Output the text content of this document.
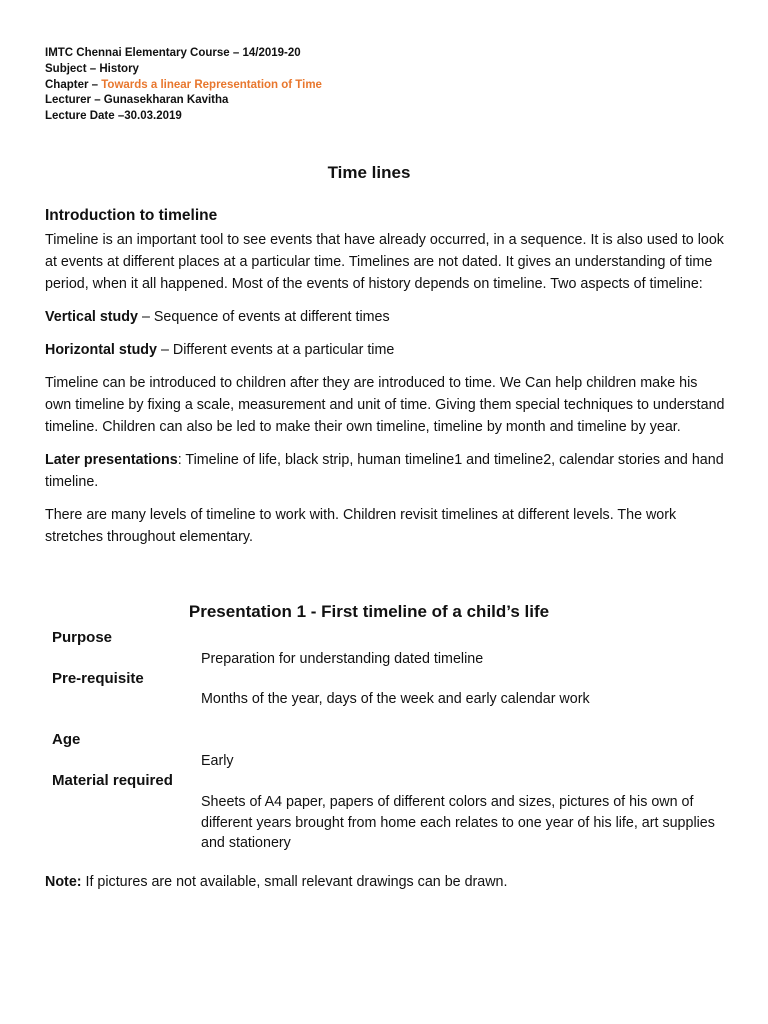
IMTC Chennai Elementary Course – 14/2019-20
Subject – History
Chapter – Towards a linear Representation of Time
Lecturer – Gunasekharan Kavitha
Lecture Date –30.03.2019
Time lines
Introduction to timeline

Timeline is an important tool to see events that have already occurred, in a sequence. It is also used to look at events at different places at a particular time. Timelines are not dated. It gives an understanding of time period, when it all happened. Most of the events of history depends on timeline. Two aspects of timeline:

Vertical study – Sequence of events at different times

Horizontal study – Different events at a particular time

Timeline can be introduced to children after they are introduced to time. We Can help children make his own timeline by fixing a scale, measurement and unit of time. Giving them special techniques to understand timeline. Children can also be led to make their own timeline, timeline by month and timeline by year.

Later presentations: Timeline of life, black strip, human timeline1 and timeline2, calendar stories and hand timeline.

There are many levels of timeline to work with. Children revisit timelines at different levels. The work stretches throughout elementary.

Presentation 1 - First timeline of a child’s life
Purpose
Preparation for understanding dated timeline
Pre-requisite
Months of the year, days of the week and early calendar work
Age
Early
Material required
Sheets of A4 paper, papers of different colors and sizes, pictures of his own of different years brought from home each relates to one year of his life, art supplies and stationery
Note: If pictures are not available, small relevant drawings can be drawn.
